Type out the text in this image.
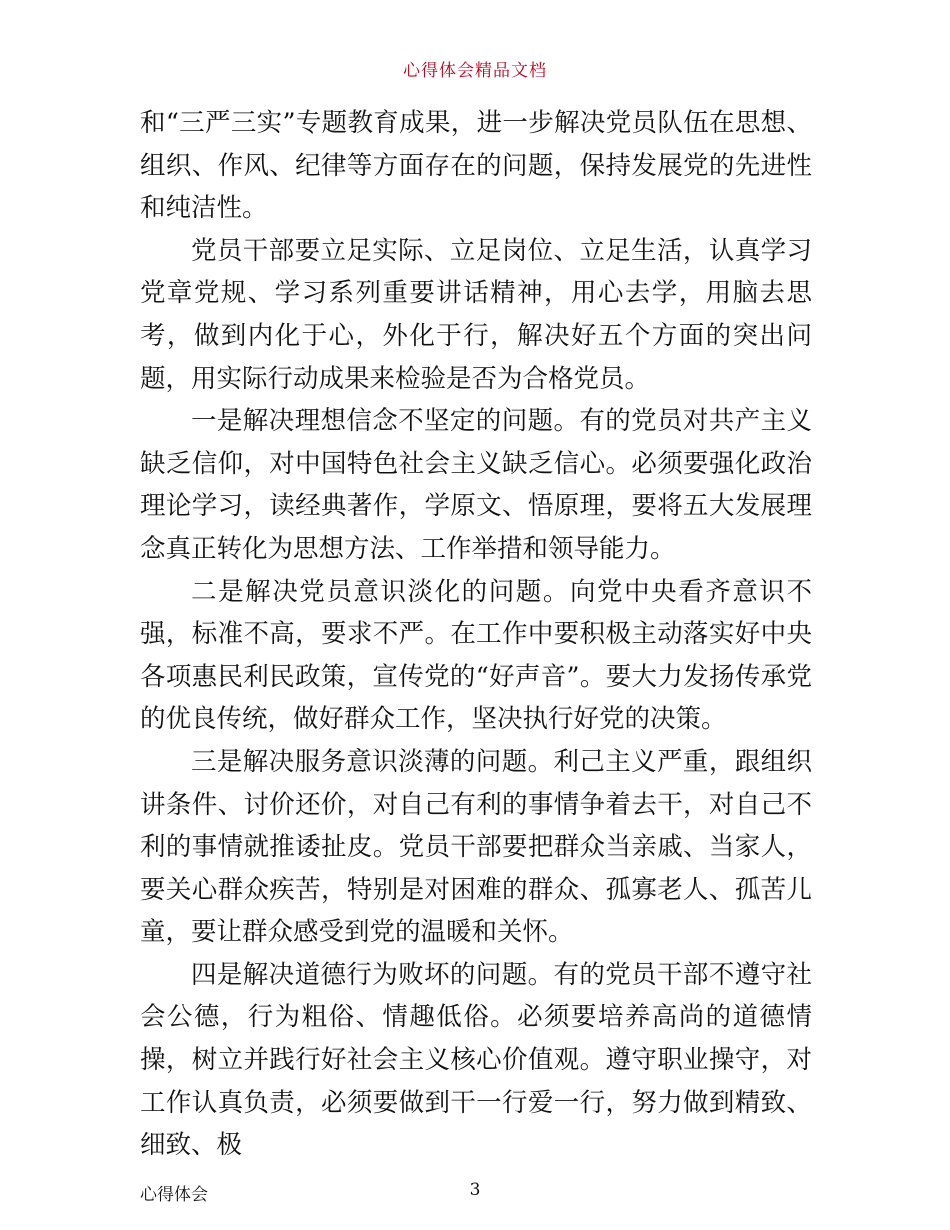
心得体会精品文档

和“三严三实”专题教育成果，进一步解决党员队伍在思想、组织、作风、纪律等方面存在的问题，保持发展党的先进性和纯洁性。

党员干部要立足实际、立足岗位、立足生活，认真学习党章党规、学习系列重要讲话精神，用心去学，用脑去思考，做到内化于心，外化于行，解决好五个方面的突出问题，用实际行动成果来检验是否为合格党员。

一是解决理想信念不坚定的问题。有的党员对共产主义缺乏信仰，对中国特色社会主义缺乏信心。必须要强化政治理论学习，读经典著作，学原文、悟原理，要将五大发展理念真正转化为思想方法、工作举措和领导能力。

二是解决党员意识淡化的问题。向党中央看齐意识不强，标准不高，要求不严。在工作中要积极主动落实好中央各项惠民利民政策，宣传党的“好声音”。要大力发扬传承党的优良传统，做好群众工作，坚决执行好党的决策。

三是解决服务意识淡薄的问题。利己主义严重，跟组织讲条件、讨价还价，对自己有利的事情争着去干，对自己不利的事情就推诿扯皮。党员干部要把群众当亲戚、当家人，要关心群众疾苦，特别是对困难的群众、孤寡老人、孤苦儿童，要让群众感受到党的温暖和关怀。

四是解决道德行为败坏的问题。有的党员干部不遵守社会公德，行为粗俗、情趣低俗。必须要培养高尚的道德情操，树立并践行好社会主义核心价值观。遵守职业操守，对工作认真负责，必须要做到干一行爱一行，努力做到精致、细致、极

心得体会	3
